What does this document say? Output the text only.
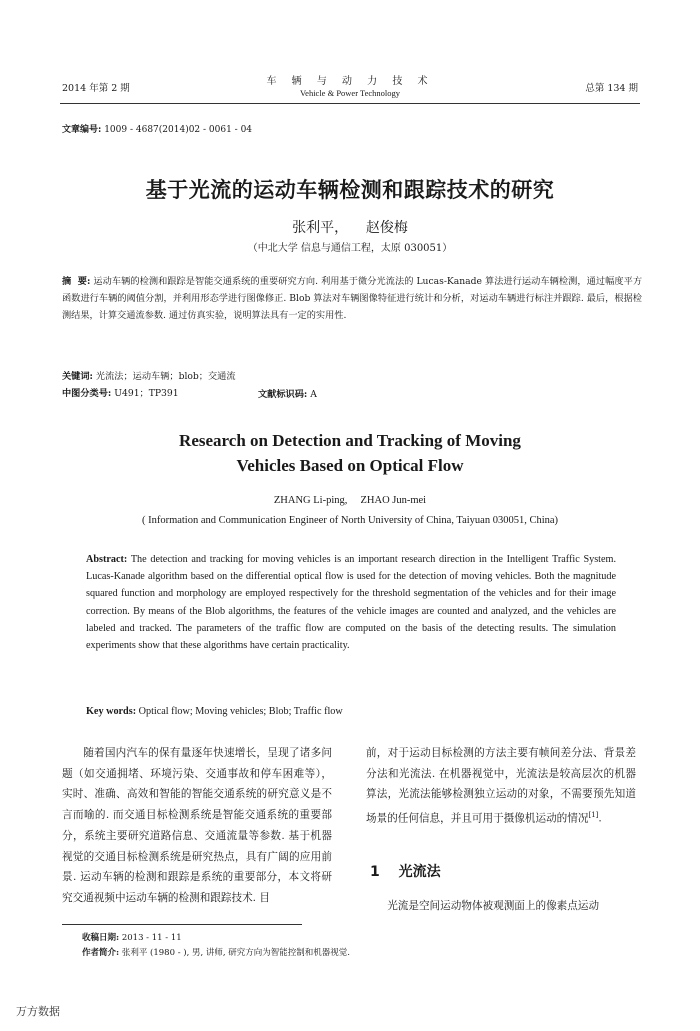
2014 年第 2 期
车 辆 与 动 力 技 术
Vehicle & Power Technology	总第 134 期
文章编号: 1009 - 4687(2014)02 - 0061 - 04
基于光流的运动车辆检测和跟踪技术的研究
张利平，    赵俊梅
（中北大学 信息与通信工程，太原 030051）
摘  要: 运动车辆的检测和跟踪是智能交通系统的重要研究方向. 利用基于微分光流法的 Lucas-Kanade 算法进行运动车辆检测，通过幅度平方函数进行车辆的阈值分割，并利用形态学进行图像修正. Blob 算法对车辆图像特征进行统计和分析，对运动车辆进行标注并跟踪. 最后，根据检测结果，计算交通流参数. 通过仿真实验，说明算法具有一定的实用性.
关键词: 光流法；运动车辆；blob；交通流
中图分类号: U491；TP391	文献标识码: A
Research on Detection and Tracking of Moving
Vehicles Based on Optical Flow
ZHANG Li-ping,     ZHAO Jun-mei
( Information and Communication Engineer of North University of China, Taiyuan 030051, China)
Abstract: The detection and tracking for moving vehicles is an important research direction in the Intelligent Traffic System. Lucas-Kanade algorithm based on the differential optical flow is used for the detection of moving vehicles. Both the magnitude squared function and morphology are employed respectively for the threshold segmentation of the vehicles and for their image correction. By means of the Blob algorithms, the features of the vehicle images are counted and analyzed, and the vehicles are labeled and tracked. The parameters of the traffic flow are computed on the basis of the detecting results. The simulation experiments show that these algorithms have certain practicality.
Key words: Optical flow; Moving vehicles; Blob; Traffic flow
随着国内汽车的保有量逐年快速增长，呈现了诸多问题（如交通拥堵、环境污染、交通事故和停车困难等），实时、准确、高效和智能的智能交通系统的研究意义是不言而喻的. 而交通目标检测系统是智能交通系统的重要部分，系统主要研究道路信息、交通流量等参数. 基于机器视觉的交通目标检测系统是研究热点，具有广阔的应用前景. 运动车辆的检测和跟踪是系统的重要部分，本文将研究交通视频中运动车辆的检测和跟踪技术. 目
前，对于运动目标检测的方法主要有帧间差分法、背景差分法和光流法. 在机器视觉中，光流法是较高层次的机器算法，光流法能够检测独立运动的对象，不需要预先知道场景的任何信息，并且可用于摄像机运动的情况[1].
1 光流法
光流是空间运动物体被观测面上的像素点运动
收稿日期: 2013 - 11 - 11
作者简介: 张利平 (1980 - ), 男, 讲师, 研究方向为智能控制和机器视觉.
万方数据
